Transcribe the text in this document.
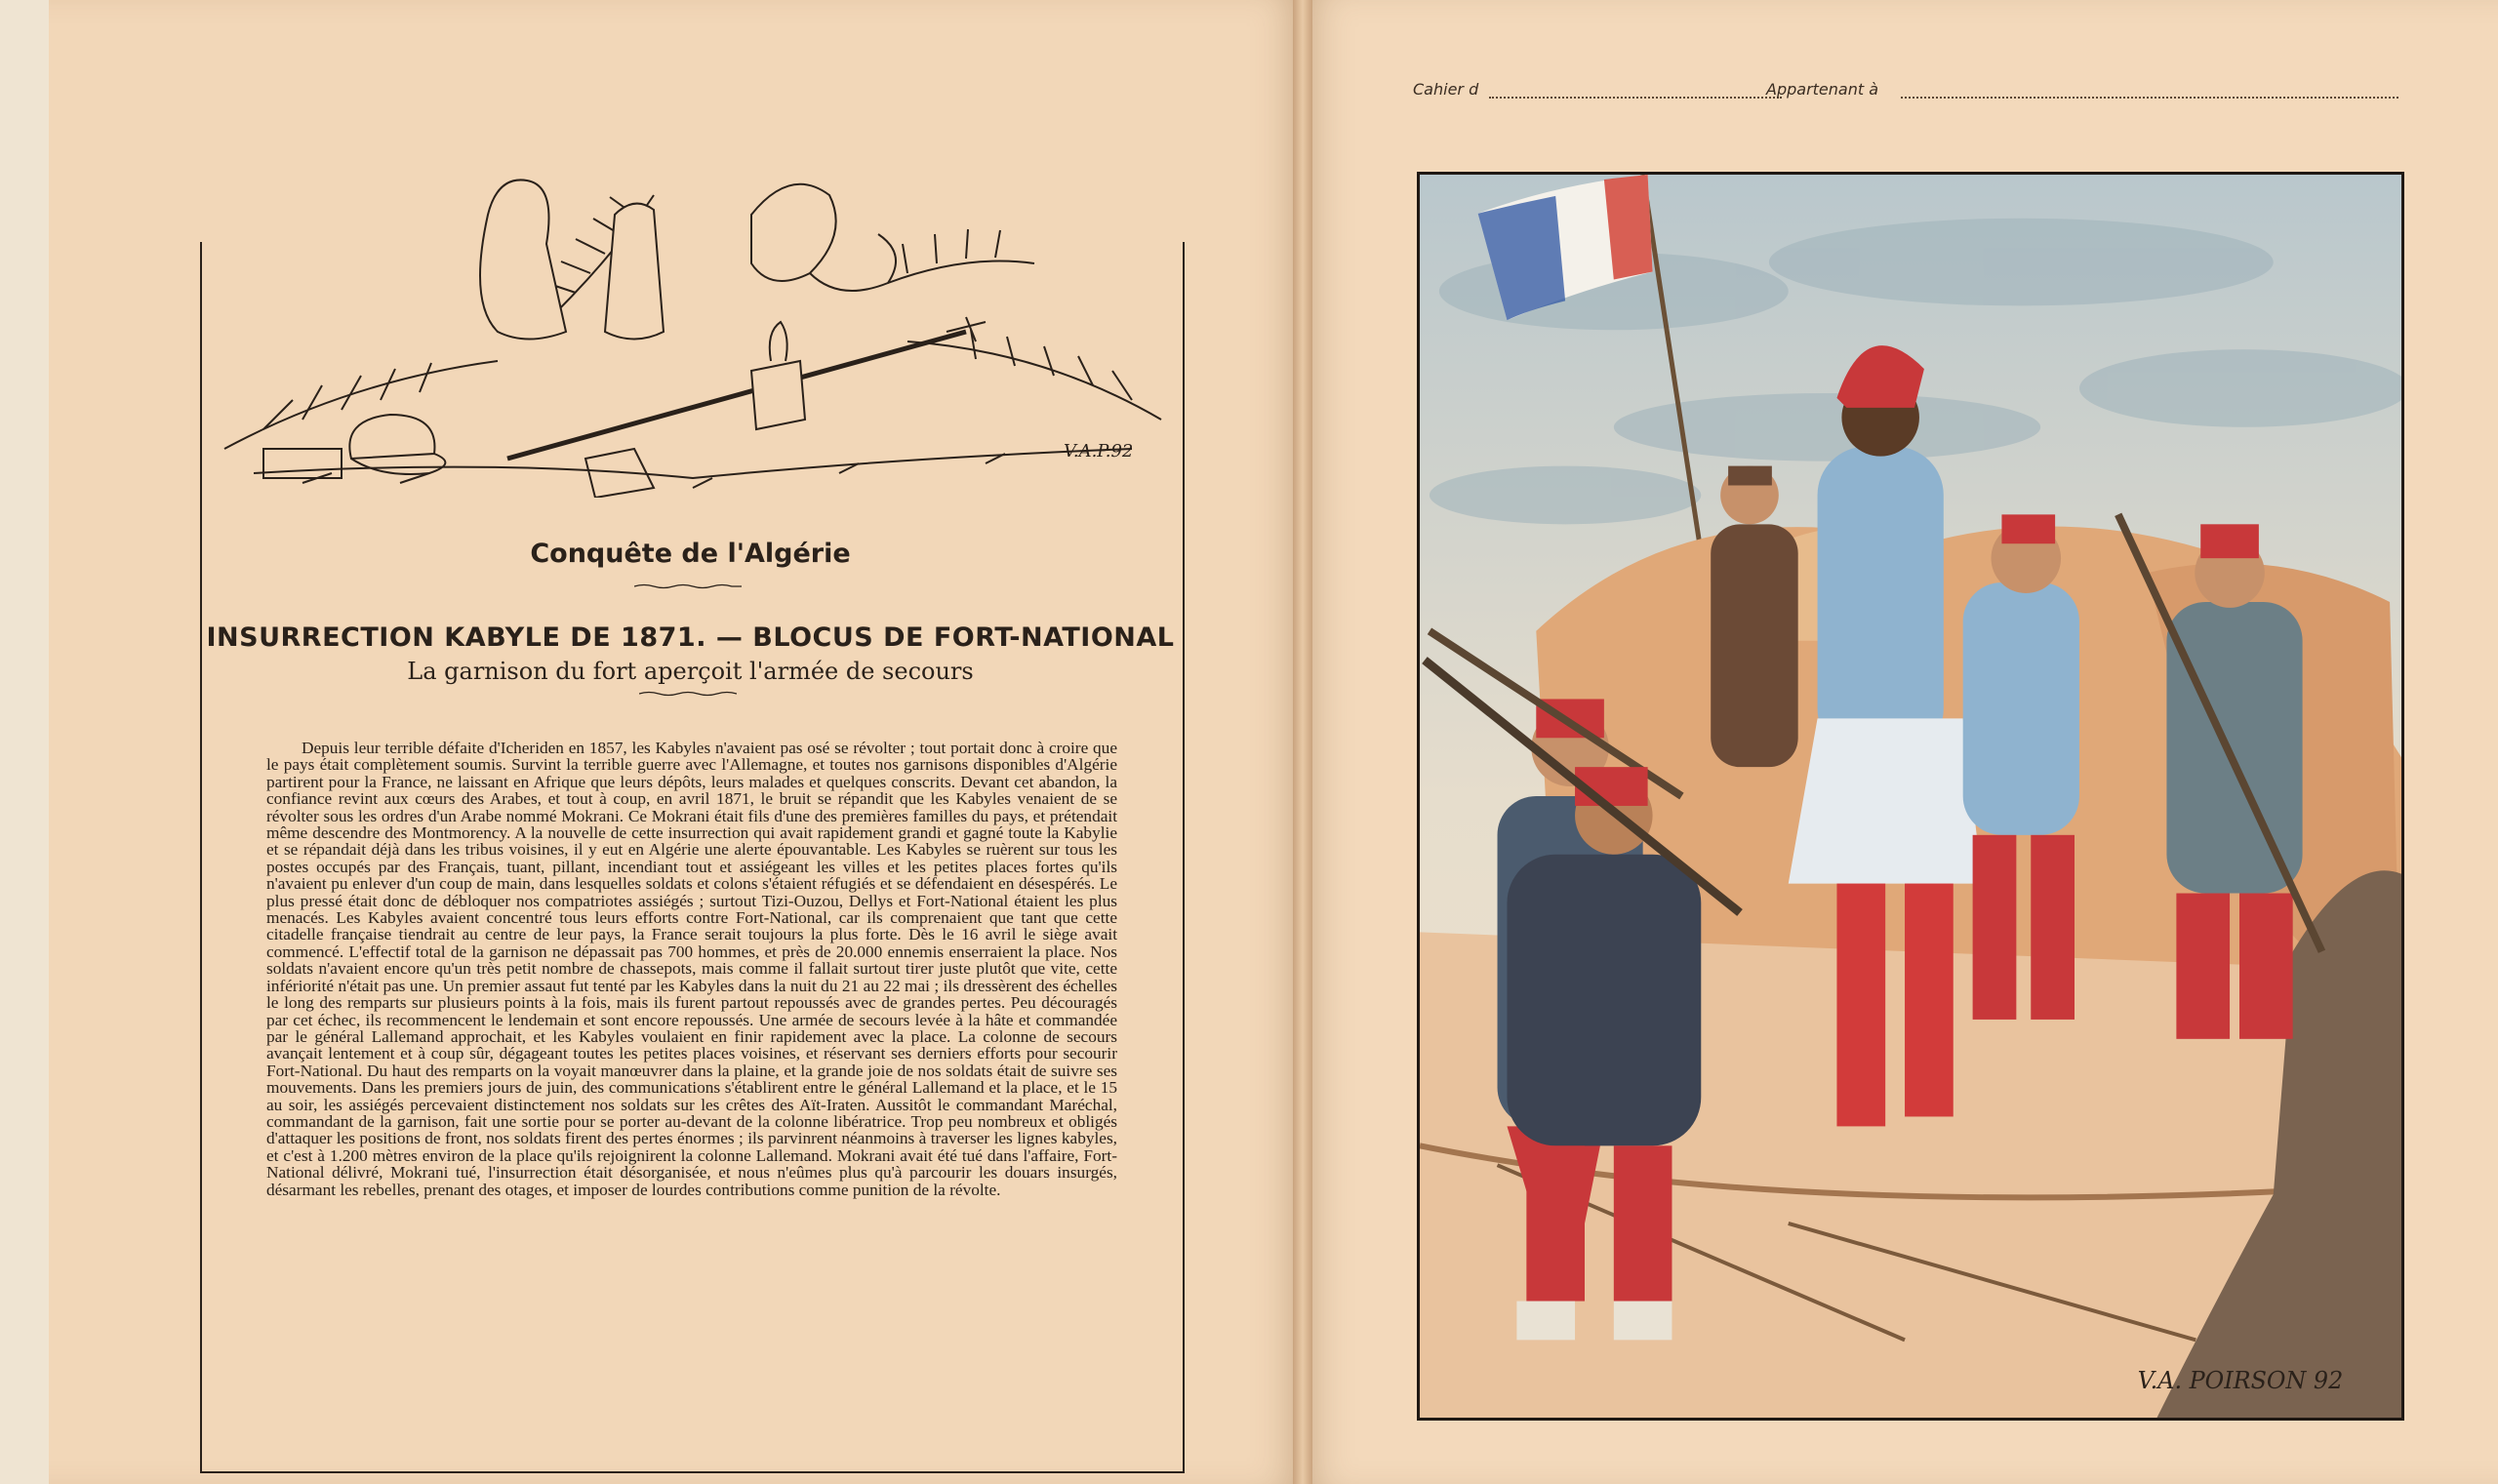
V.A.P.92
Conquête de l'Algérie
INSURRECTION KABYLE DE 1871. — BLOCUS DE FORT-NATIONAL
La garnison du fort aperçoit l'armée de secours

Depuis leur terrible défaite d'Icheriden en 1857, les Kabyles n'avaient pas osé se révolter ; tout portait donc à croire que le pays était complètement soumis. Survint la terrible guerre avec l'Allemagne, et toutes nos garnisons disponibles d'Algérie partirent pour la France, ne laissant en Afrique que leurs dépôts, leurs malades et quelques conscrits. Devant cet abandon, la confiance revint aux cœurs des Arabes, et tout à coup, en avril 1871, le bruit se répandit que les Kabyles venaient de se révolter sous les ordres d'un Arabe nommé Mokrani. Ce Mokrani était fils d'une des premières familles du pays, et prétendait même descendre des Montmorency. A la nouvelle de cette insurrection qui avait rapidement grandi et gagné toute la Kabylie et se répandait déjà dans les tribus voisines, il y eut en Algérie une alerte épouvantable. Les Kabyles se ruèrent sur tous les postes occupés par des Français, tuant, pillant, incendiant tout et assiégeant les villes et les petites places fortes qu'ils n'avaient pu enlever d'un coup de main, dans lesquelles soldats et colons s'étaient réfugiés et se défendaient en désespérés. Le plus pressé était donc de débloquer nos compatriotes assiégés ; surtout Tizi-Ouzou, Dellys et Fort-National étaient les plus menacés. Les Kabyles avaient concentré tous leurs efforts contre Fort-National, car ils comprenaient que tant que cette citadelle française tiendrait au centre de leur pays, la France serait toujours la plus forte. Dès le 16 avril le siège avait commencé. L'effectif total de la garnison ne dépassait pas 700 hommes, et près de 20.000 ennemis enserraient la place. Nos soldats n'avaient encore qu'un très petit nombre de chassepots, mais comme il fallait surtout tirer juste plutôt que vite, cette infériorité n'était pas une. Un premier assaut fut tenté par les Kabyles dans la nuit du 21 au 22 mai ; ils dressèrent des échelles le long des remparts sur plusieurs points à la fois, mais ils furent partout repoussés avec de grandes pertes. Peu découragés par cet échec, ils recommencent le lendemain et sont encore repoussés. Une armée de secours levée à la hâte et commandée par le général Lallemand approchait, et les Kabyles voulaient en finir rapidement avec la place. La colonne de secours avançait lentement et à coup sûr, dégageant toutes les petites places voisines, et réservant ses derniers efforts pour secourir Fort-National. Du haut des remparts on la voyait manœuvrer dans la plaine, et la grande joie de nos soldats était de suivre ses mouvements. Dans les premiers jours de juin, des communications s'établirent entre le général Lallemand et la place, et le 15 au soir, les assiégés percevaient distinctement nos soldats sur les crêtes des Aït-Iraten. Aussitôt le commandant Maréchal, commandant de la garnison, fait une sortie pour se porter au-devant de la colonne libératrice. Trop peu nombreux et obligés d'attaquer les positions de front, nos soldats firent des pertes énormes ; ils parvinrent néanmoins à traverser les lignes kabyles, et c'est à 1.200 mètres environ de la place qu'ils rejoignirent la colonne Lallemand. Mokrani avait été tué dans l'affaire, Fort-National délivré, Mokrani tué, l'insurrection était désorganisée, et nous n'eûmes plus qu'à parcourir les douars insurgés, désarmant les rebelles, prenant des otages, et imposer de lourdes contributions comme punition de la révolte.

Cahier d	Appartenant à
V.A. POIRSON 92
